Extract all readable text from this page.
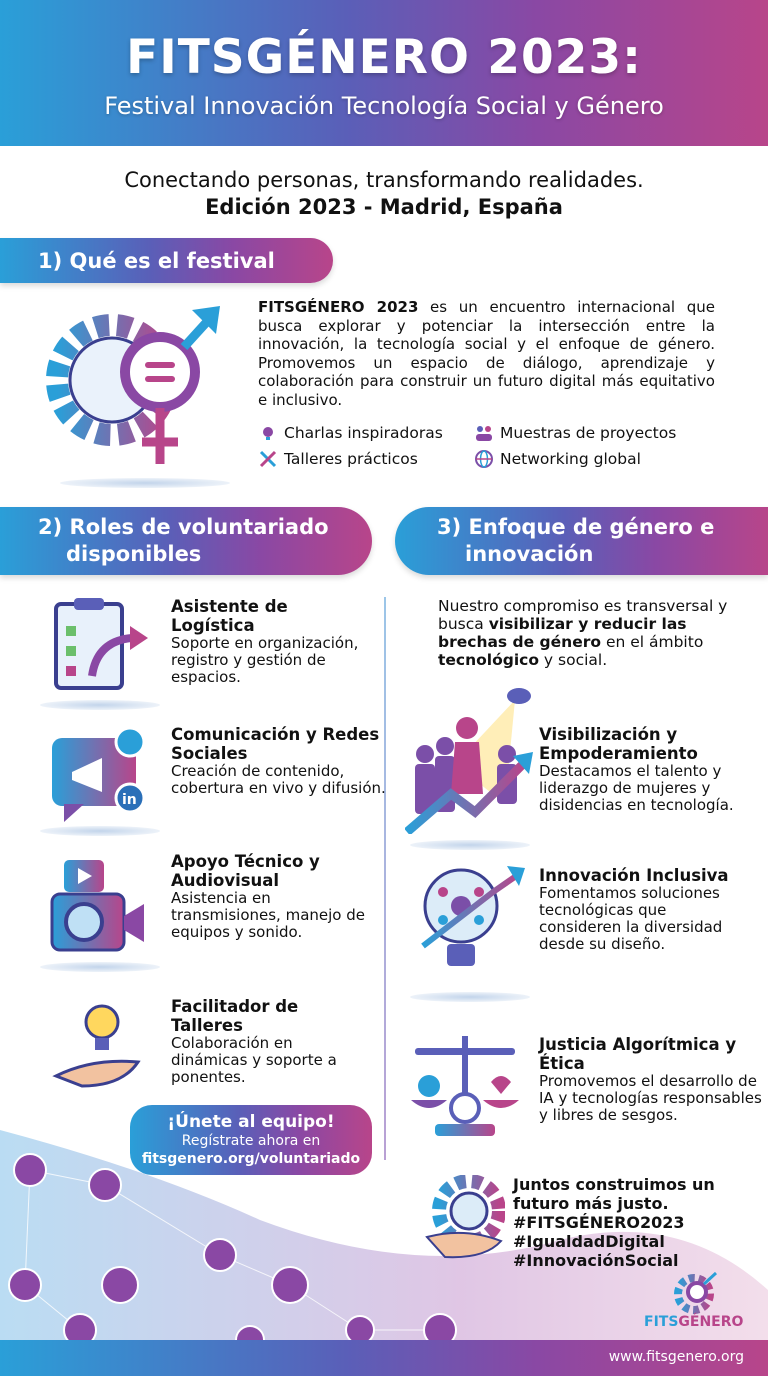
FITSGÉNERO 2023:
Festival Innovación Tecnología Social y Género
Conectando personas, transformando realidades.
Edición 2023 - Madrid, España
1) Qué es el festival
FITSGÉNERO 2023 es un encuentro internacional que busca explorar y potenciar la intersección entre la innovación, la tecnología social y el enfoque de género. Promovemos un espacio de diálogo, aprendizaje y colaboración para construir un futuro digital más equitativo e inclusivo.
Charlas inspiradoras	Muestras de proyectos
Talleres prácticos	Networking global
2) Roles de voluntariado
disponibles
3) Enfoque de género e
innovación
Asistente de Logística
Soporte en organización, registro y gestión de espacios.
in
Comunicación y Redes Sociales
Creación de contenido, cobertura en vivo y difusión.
Apoyo Técnico y Audiovisual
Asistencia en transmisiones, manejo de equipos y sonido.
Facilitador de Talleres
Colaboración en dinámicas y soporte a ponentes.
¡Únete al equipo!
Regístrate ahora en
fitsgenero.org/voluntariado
Nuestro compromiso es transversal y busca visibilizar y reducir las brechas de género en el ámbito tecnológico y social.
Visibilización y Empoderamiento
Destacamos el talento y liderazgo de mujeres y disidencias en tecnología.
Innovación Inclusiva
Fomentamos soluciones tecnológicas que consideren la diversidad desde su diseño.
Justicia Algorítmica y Ética
Promovemos el desarrollo de IA y tecnologías responsables y libres de sesgos.
Juntos construimos un futuro más justo.
#FITSGÉNERO2023
#IgualdadDigital
#InnovaciónSocial
FITSGÉNERO
www.fitsgenero.org
